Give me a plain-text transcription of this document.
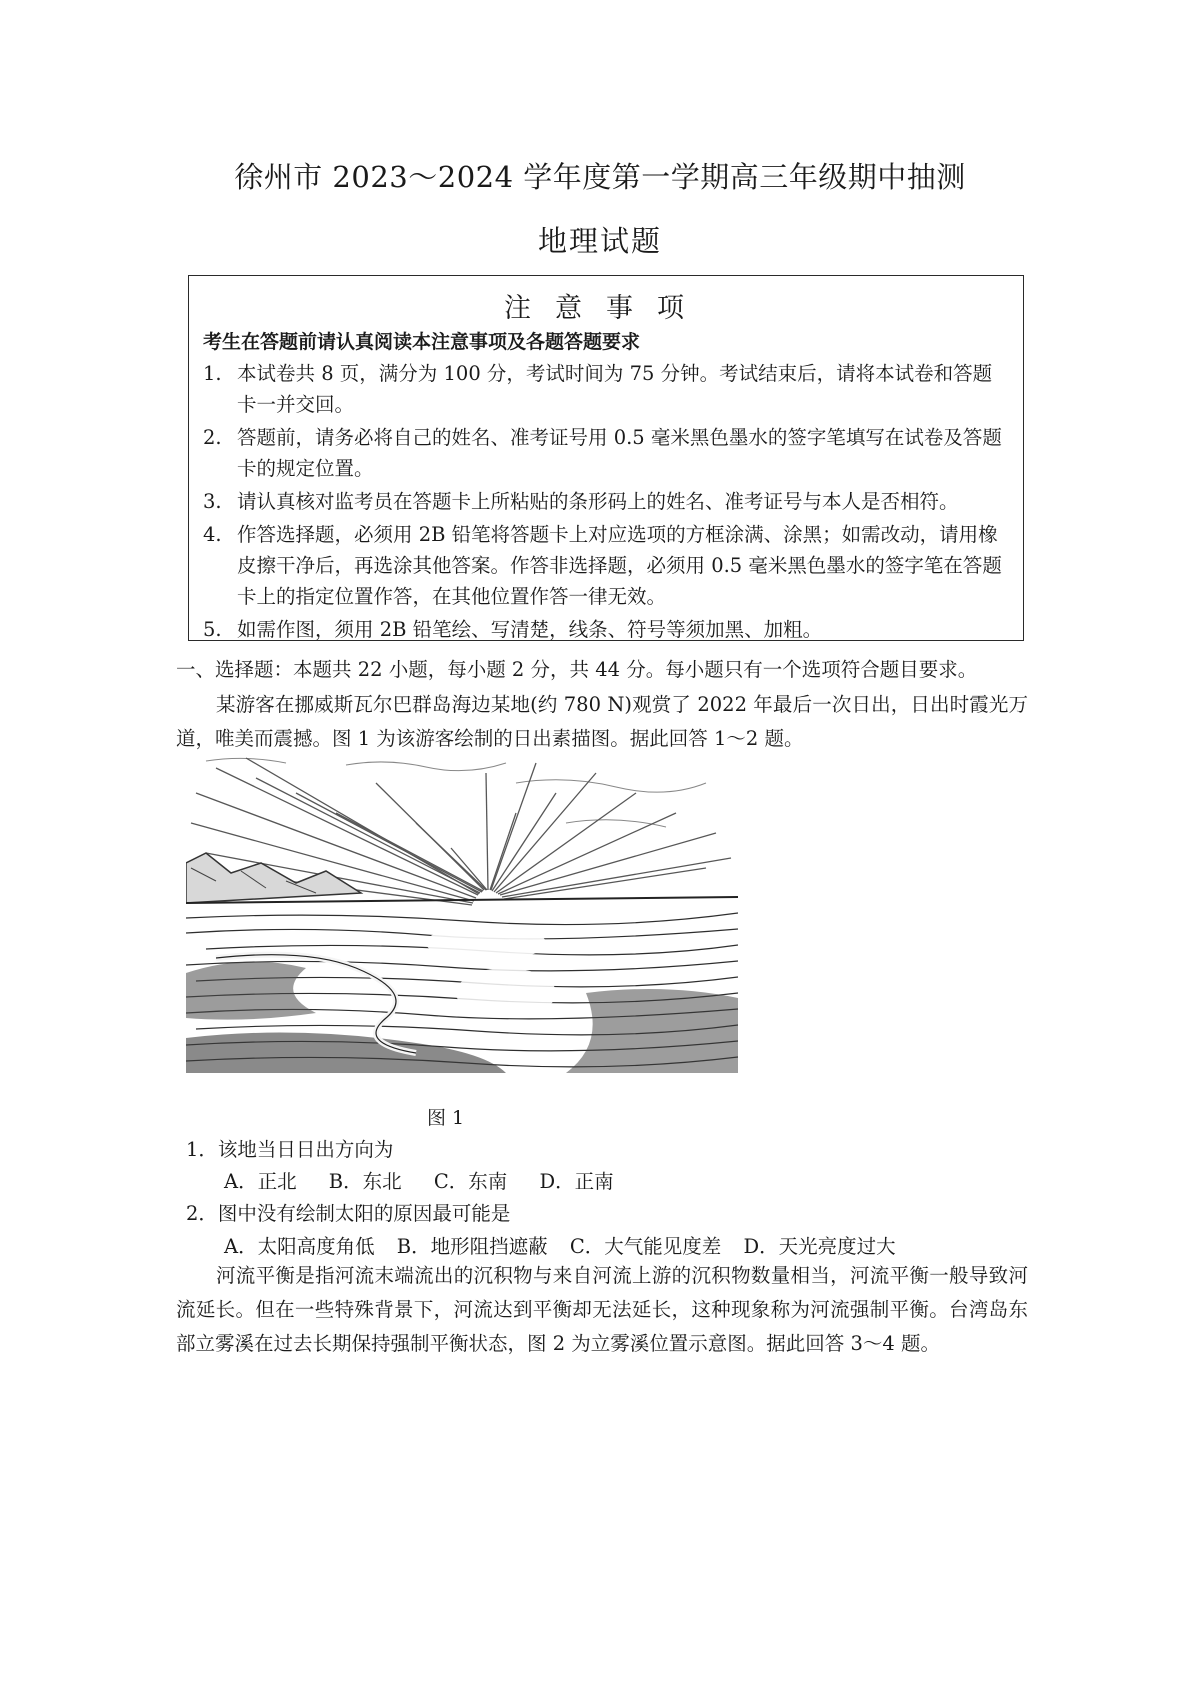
徐州市 2023～2024 学年度第一学期高三年级期中抽测
地理试题
注意事项
考生在答题前请认真阅读本注意事项及各题答题要求
1. 本试卷共 8 页，满分为 100 分，考试时间为 75 分钟。考试结束后，请将本试卷和答题卡一并交回。
2. 答题前，请务必将自己的姓名、准考证号用 0.5 毫米黑色墨水的签字笔填写在试卷及答题卡的规定位置。
3. 请认真核对监考员在答题卡上所粘贴的条形码上的姓名、准考证号与本人是否相符。
4. 作答选择题，必须用 2B 铅笔将答题卡上对应选项的方框涂满、涂黑；如需改动，请用橡皮擦干净后，再选涂其他答案。作答非选择题，必须用 0.5 毫米黑色墨水的签字笔在答题卡上的指定位置作答，在其他位置作答一律无效。
5. 如需作图，须用 2B 铅笔绘、写清楚，线条、符号等须加黑、加粗。
一、选择题：本题共 22 小题，每小题 2 分，共 44 分。每小题只有一个选项符合题目要求。
某游客在挪威斯瓦尔巴群岛海边某地(约 780 N)观赏了 2022 年最后一次日出，日出时霞光万道，唯美而震撼。图 1 为该游客绘制的日出素描图。据此回答 1～2 题。
图 1
1．该地当日日出方向为
A．正北 B．东北 C．东南 D．正南
2．图中没有绘制太阳的原因最可能是
A．太阳高度角低 B．地形阻挡遮蔽 C．大气能见度差 D．天光亮度过大
河流平衡是指河流末端流出的沉积物与来自河流上游的沉积物数量相当，河流平衡一般导致河流延长。但在一些特殊背景下，河流达到平衡却无法延长，这种现象称为河流强制平衡。台湾岛东部立雾溪在过去长期保持强制平衡状态，图 2 为立雾溪位置示意图。据此回答 3～4 题。
